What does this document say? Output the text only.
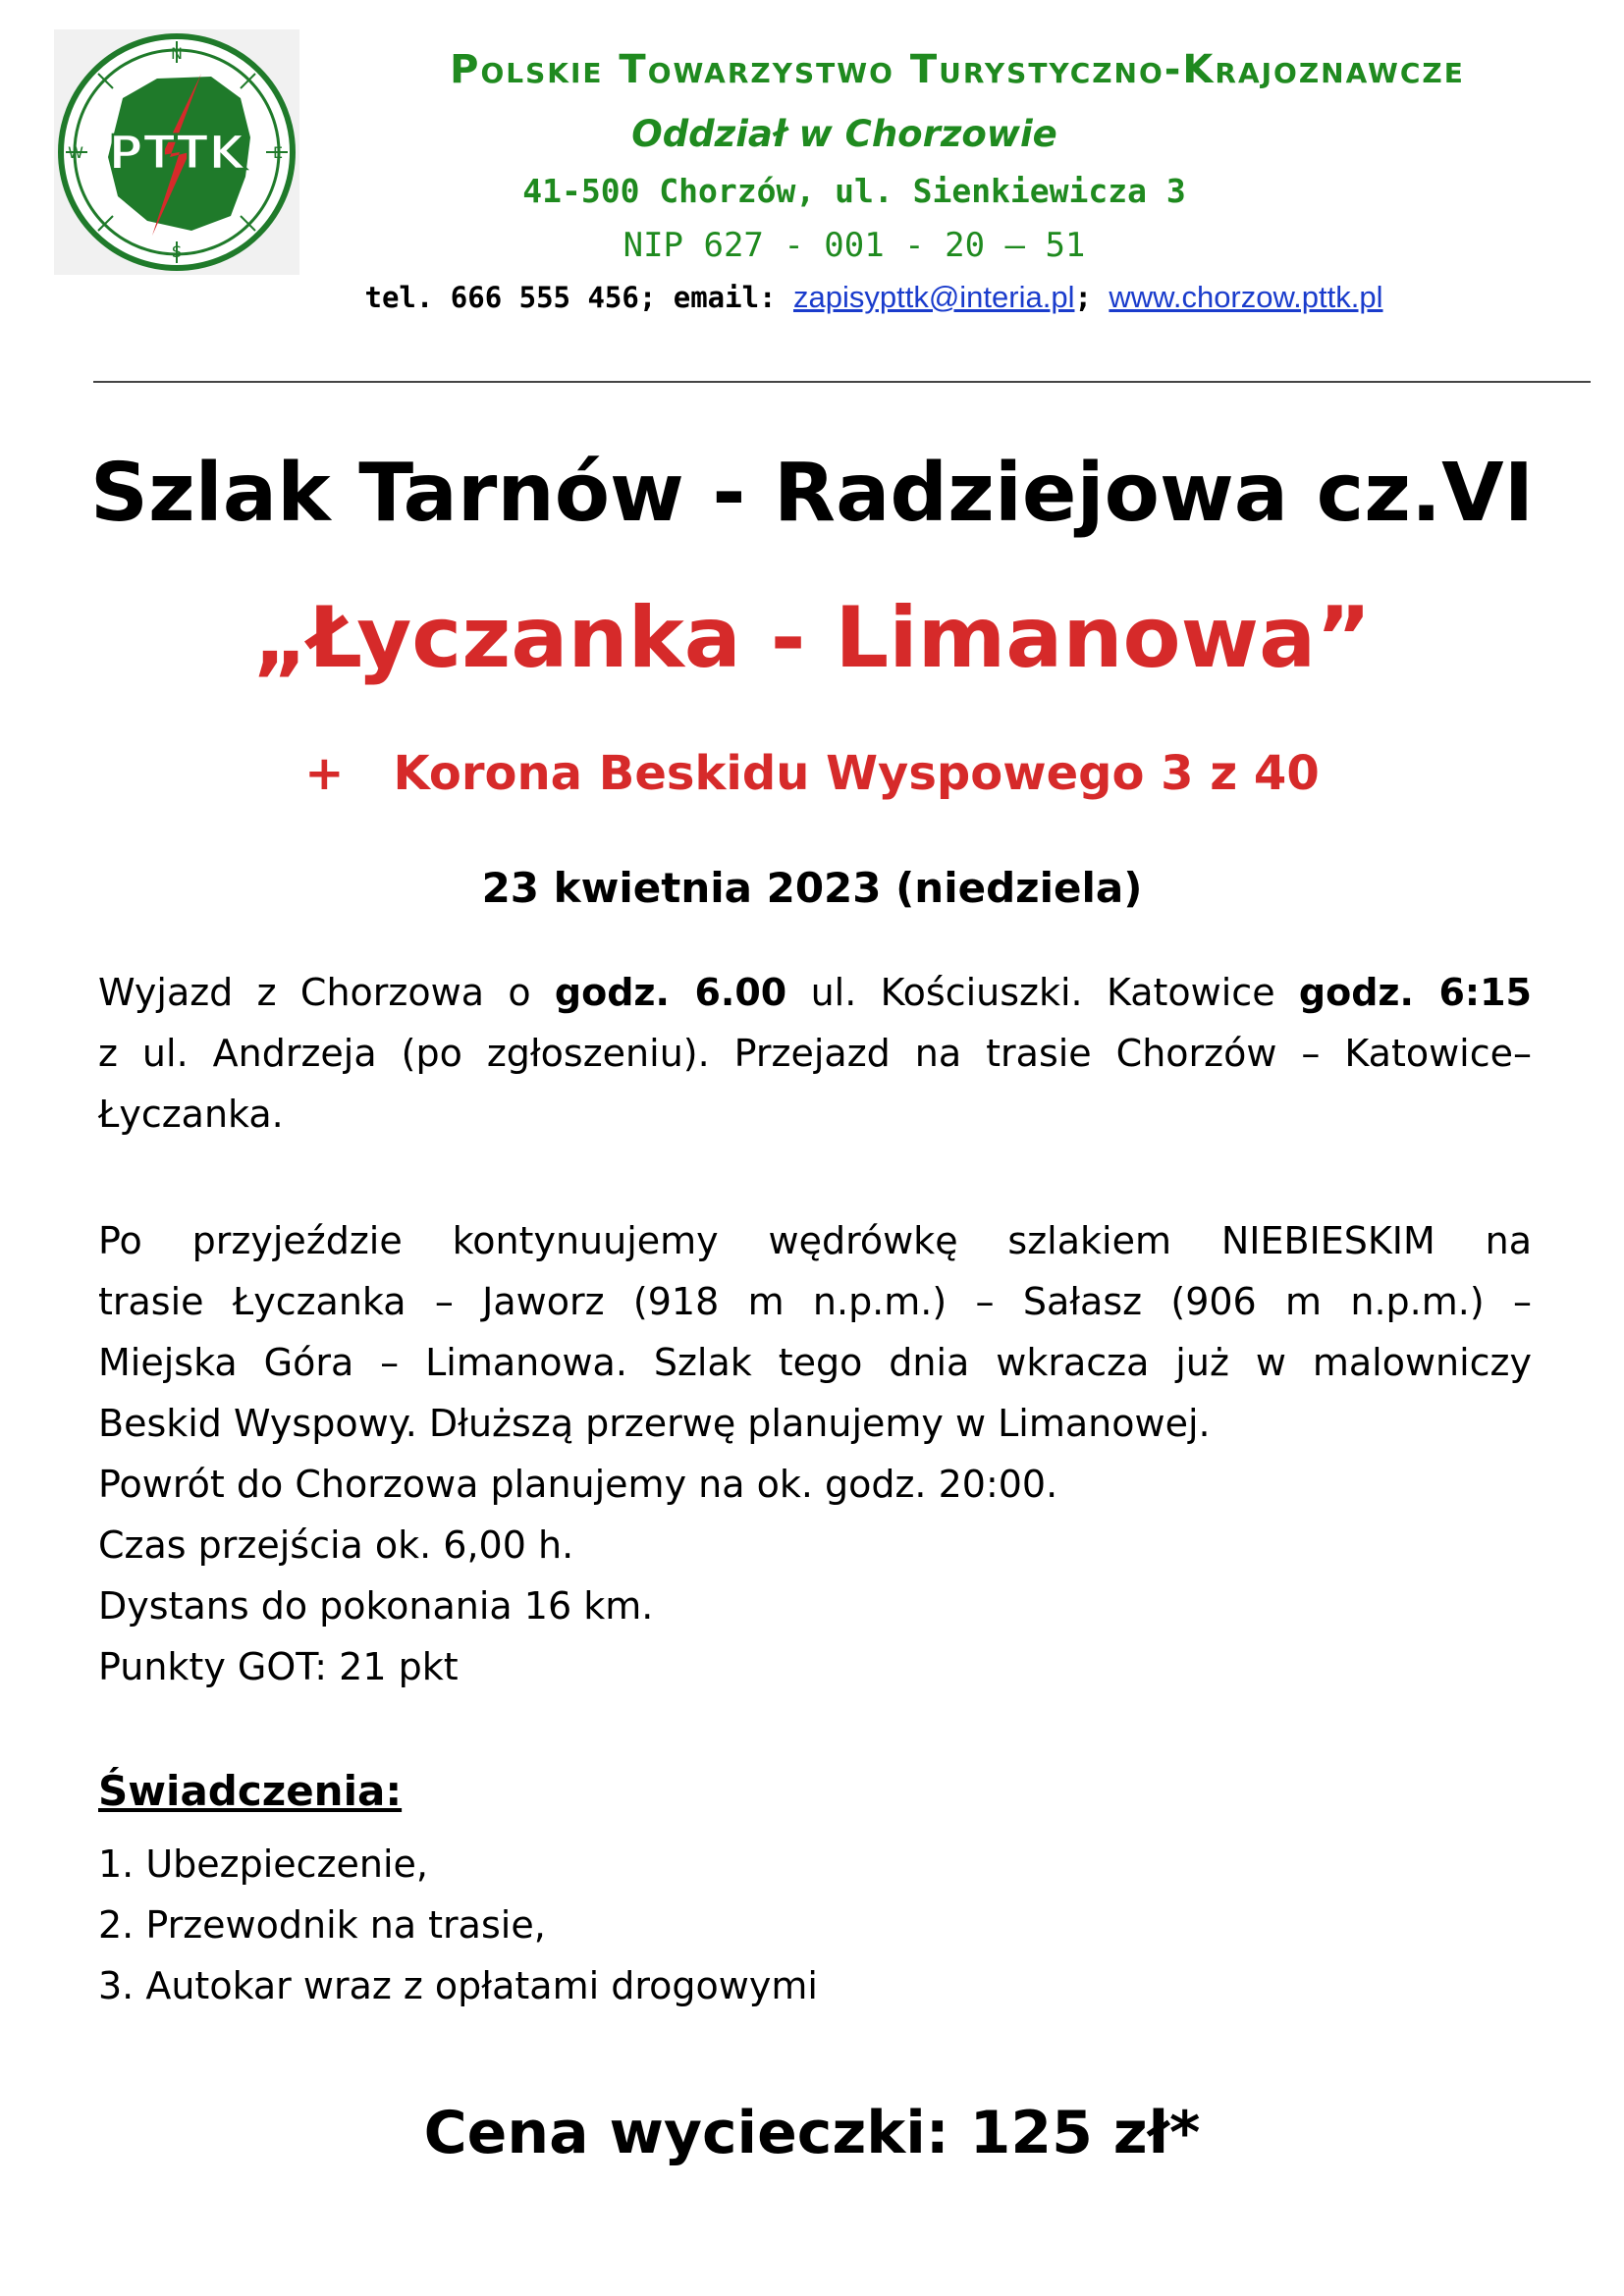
N
E
S
W PTTK
Polskie Towarzystwo Turystyczno-Krajoznawcze
Oddział w Chorzowie
41-500 Chorzów, ul. Sienkiewicza 3
NIP 627 - 001 - 20 – 51
tel. 666 555 456; email: zapisypttk@interia.pl; www.chorzow.pttk.pl
Szlak Tarnów - Radziejowa cz.VI
„Łyczanka - Limanowa”
+ Korona Beskidu Wyspowego 3 z 40
23 kwietnia 2023 (niedziela)
Wyjazd z Chorzowa o godz. 6.00 ul. Kościuszki. Katowice godz. 6:15
z ul. Andrzeja (po zgłoszeniu). Przejazd na trasie Chorzów – Katowice–
Łyczanka.
Po przyjeździe kontynuujemy wędrówkę szlakiem NIEBIESKIM na
trasie Łyczanka – Jaworz (918 m n.p.m.) – Sałasz (906 m n.p.m.) –
Miejska Góra – Limanowa. Szlak tego dnia wkracza już w malowniczy
Beskid Wyspowy. Dłuższą przerwę planujemy w Limanowej.
Powrót do Chorzowa planujemy na ok. godz. 20:00.
Czas przejścia ok. 6,00 h.
Dystans do pokonania 16 km.
Punkty GOT: 21 pkt
Świadczenia:
1. Ubezpieczenie,
2. Przewodnik na trasie,
3. Autokar wraz z opłatami drogowymi
Cena wycieczki: 125 zł*
